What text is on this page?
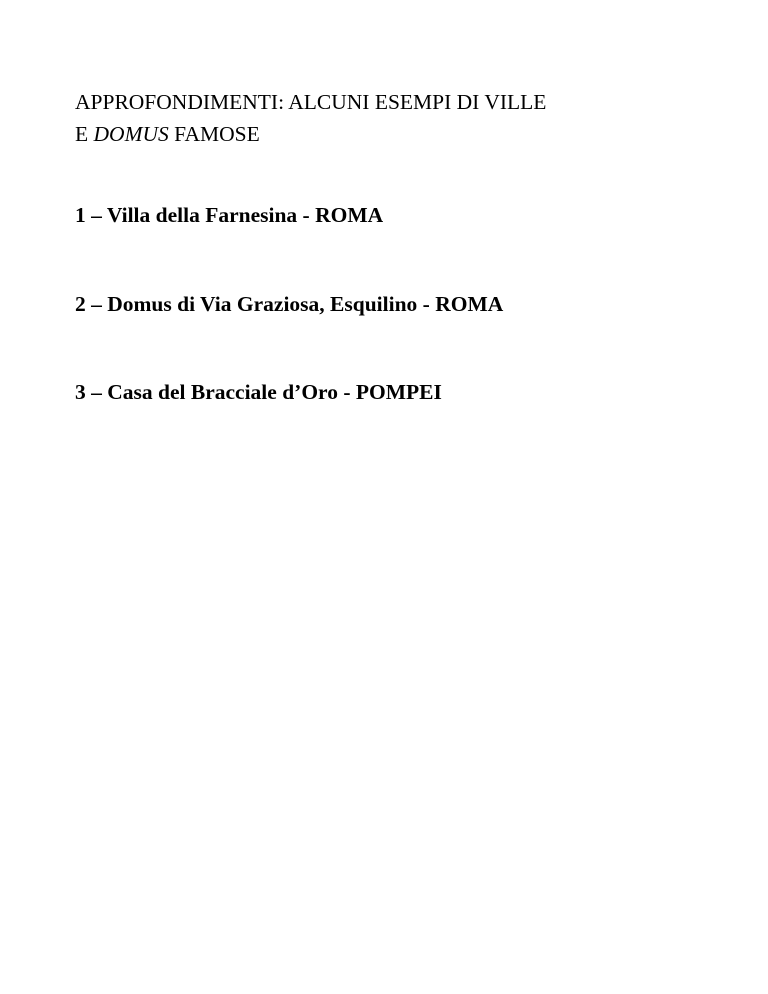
APPROFONDIMENTI: ALCUNI ESEMPI DI VILLE
E DOMUS FAMOSE

1 – Villa della Farnesina - ROMA

2 – Domus di Via Graziosa, Esquilino - ROMA

3 – Casa del Bracciale d’Oro - POMPEI
